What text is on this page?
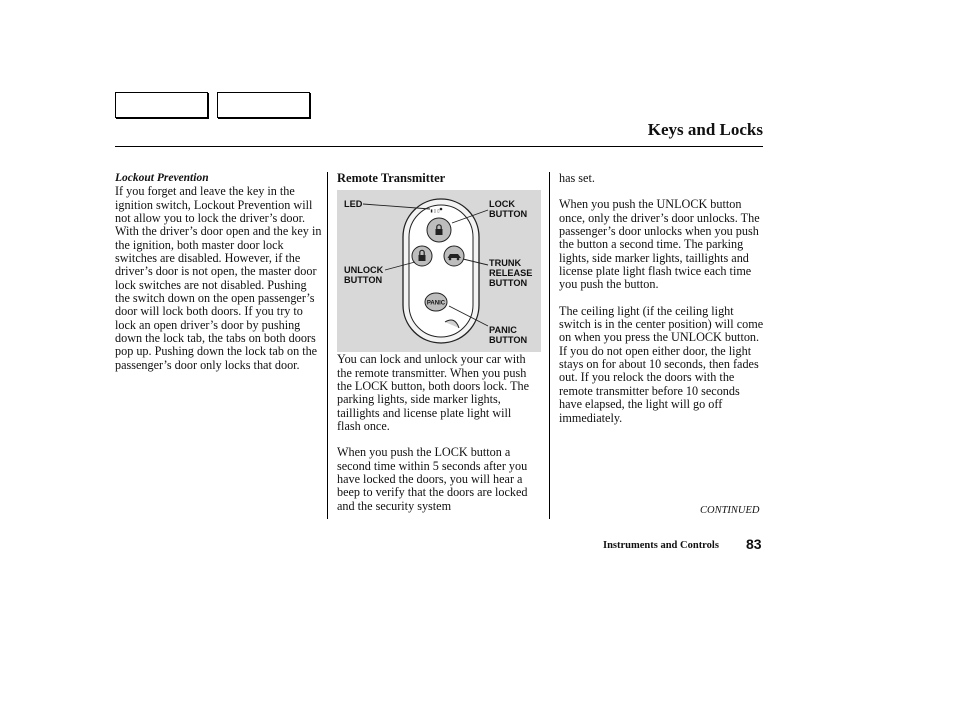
Keys and Locks
Lockout Prevention

If you forget and leave the key in the ignition switch, Lockout Prevention will not allow you to lock the driver’s door. With the driver’s door open and the key in the ignition, both master door lock switches are disabled. However, if the driver’s door is not open, the master door lock switches are not disabled. Pushing the switch down on the open passenger’s door will lock both doors. If you try to lock an open driver’s door by pushing down the lock tab, the tabs on both doors pop up. Pushing down the lock tab on the passenger’s door only locks that door.

Remote Transmitter

You can lock and unlock your car with the remote transmitter. When you push the LOCK button, both doors lock. The parking lights, side marker lights, taillights and license plate light will flash once.

When you push the LOCK button a second time within 5 seconds after you have locked the doors, you will hear a beep to verify that the doors are locked and the security system

▮ ▯ ▯
PANIC
LED	LOCK
BUTTON
TRUNK
RELEASE
BUTTON
UNLOCK
BUTTON
PANIC
BUTTON

has set.

When you push the UNLOCK button once, only the driver’s door unlocks. The passenger’s door unlocks when you push the button a second time. The parking lights, side marker lights, taillights and license plate light flash twice each time you push the button.

The ceiling light (if the ceiling light switch is in the center position) will come on when you press the UNLOCK button. If you do not open either door, the light stays on for about 10 seconds, then fades out. If you relock the doors with the remote transmitter before 10 seconds have elapsed, the light will go off immediately.

CONTINUED
Instruments and Controls 83
